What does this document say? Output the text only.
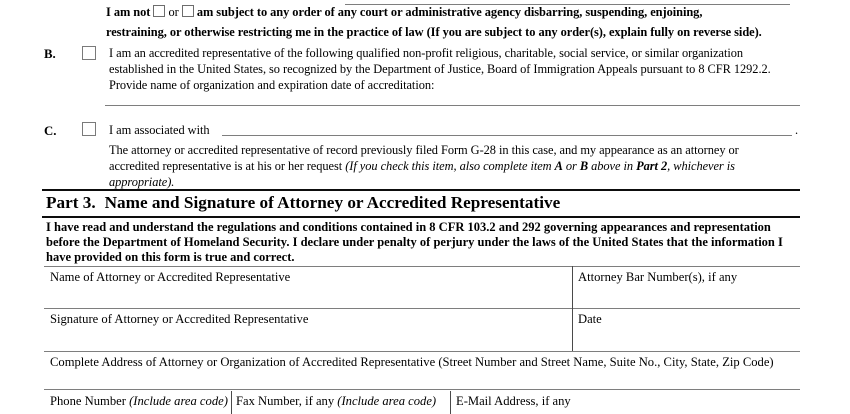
I am not or am subject to any order of any court or administrative agency disbarring, suspending, enjoining,
restraining, or otherwise restricting me in the practice of law (If you are subject to any order(s), explain fully on reverse side).
B.	I am an accredited representative of the following qualified non-profit religious, charitable, social service, or similar organization
established in the United States, so recognized by the Department of Justice, Board of Immigration Appeals pursuant to 8 CFR 1292.2.
Provide name of organization and expiration date of accreditation:
C.	I am associated with	.
The attorney or accredited representative of record previously filed Form G-28 in this case, and my appearance as an attorney or
accredited representative is at his or her request (If you check this item, also complete item A or B above in Part 2, whichever is
appropriate).
Part 3. Name and Signature of Attorney or Accredited Representative
I have read and understand the regulations and conditions contained in 8 CFR 103.2 and 292 governing appearances and representation
before the Department of Homeland Security. I declare under penalty of perjury under the laws of the United States that the information I
have provided on this form is true and correct.
Name of Attorney or Accredited Representative	Attorney Bar Number(s), if any
Signature of Attorney or Accredited Representative	Date
Complete Address of Attorney or Organization of Accredited Representative (Street Number and Street Name, Suite No., City, State, Zip Code)
Phone Number (Include area code) Fax Number, if any (Include area code) E-Mail Address, if any
